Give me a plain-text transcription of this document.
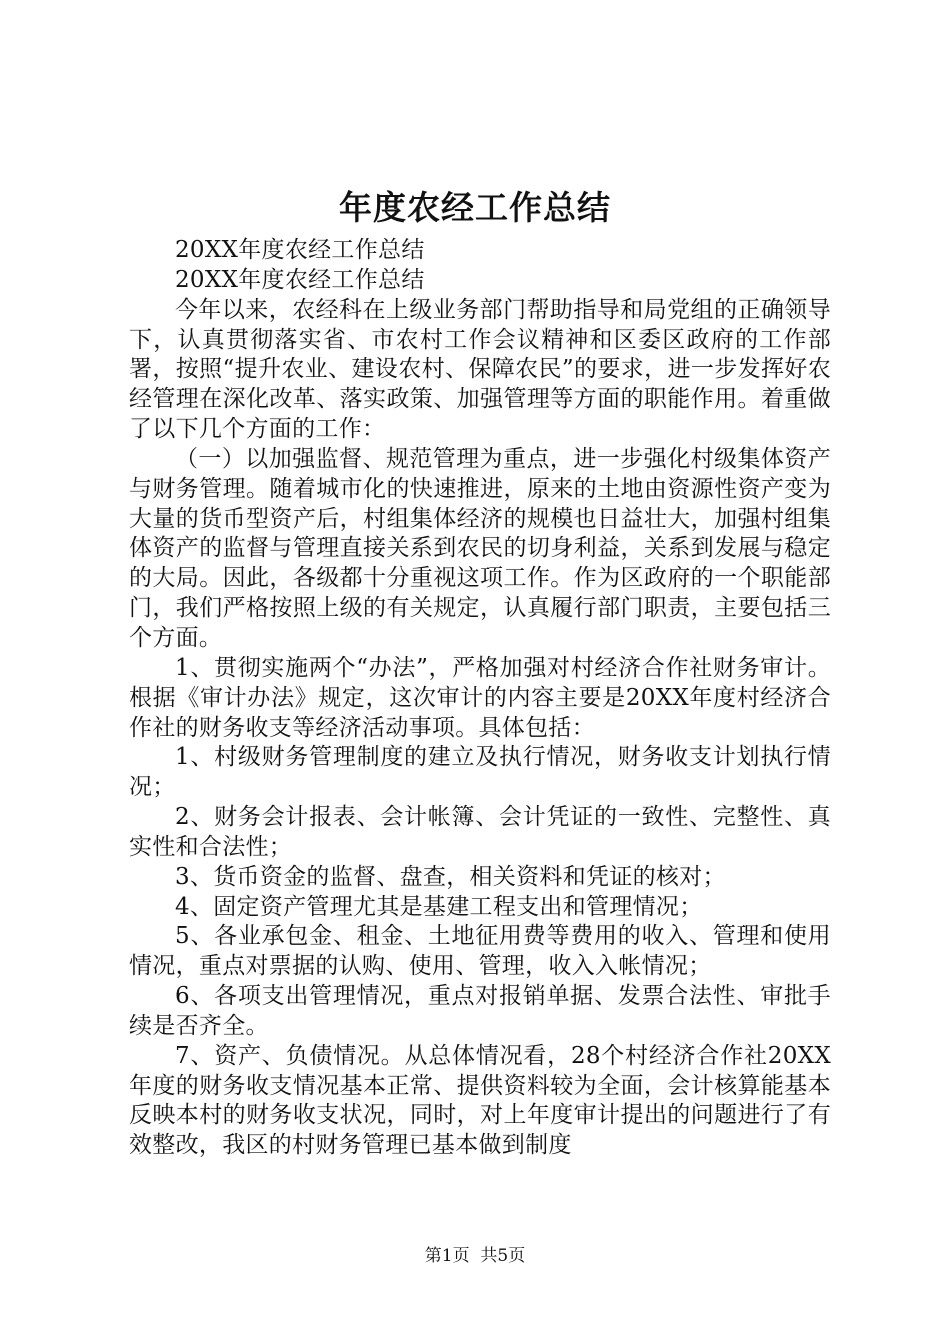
年度农经工作总结

20XX年度农经工作总结

20XX年度农经工作总结

今年以来，农经科在上级业务部门帮助指导和局党组的正确领导下，认真贯彻落实省、市农村工作会议精神和区委区政府的工作部署，按照“提升农业、建设农村、保障农民”的要求，进一步发挥好农经管理在深化改革、落实政策、加强管理等方面的职能作用。着重做了以下几个方面的工作：

（一）以加强监督、规范管理为重点，进一步强化村级集体资产与财务管理。随着城市化的快速推进，原来的土地由资源性资产变为大量的货币型资产后，村组集体经济的规模也日益壮大，加强村组集体资产的监督与管理直接关系到农民的切身利益，关系到发展与稳定的大局。因此，各级都十分重视这项工作。作为区政府的一个职能部门，我们严格按照上级的有关规定，认真履行部门职责，主要包括三个方面。

1、贯彻实施两个“办法”，严格加强对村经济合作社财务审计。根据《审计办法》规定，这次审计的内容主要是20XX年度村经济合作社的财务收支等经济活动事项。具体包括：

1、村级财务管理制度的建立及执行情况，财务收支计划执行情况；

2、财务会计报表、会计帐簿、会计凭证的一致性、完整性、真实性和合法性；

3、货币资金的监督、盘查，相关资料和凭证的核对；

4、固定资产管理尤其是基建工程支出和管理情况；

5、各业承包金、租金、土地征用费等费用的收入、管理和使用情况，重点对票据的认购、使用、管理，收入入帐情况；

6、各项支出管理情况，重点对报销单据、发票合法性、审批手续是否齐全。

7、资产、负债情况。从总体情况看，28个村经济合作社20XX年度的财务收支情况基本正常、提供资料较为全面，会计核算能基本反映本村的财务收支状况，同时，对上年度审计提出的问题进行了有效整改，我区的村财务管理已基本做到制度

第1页 共5页
